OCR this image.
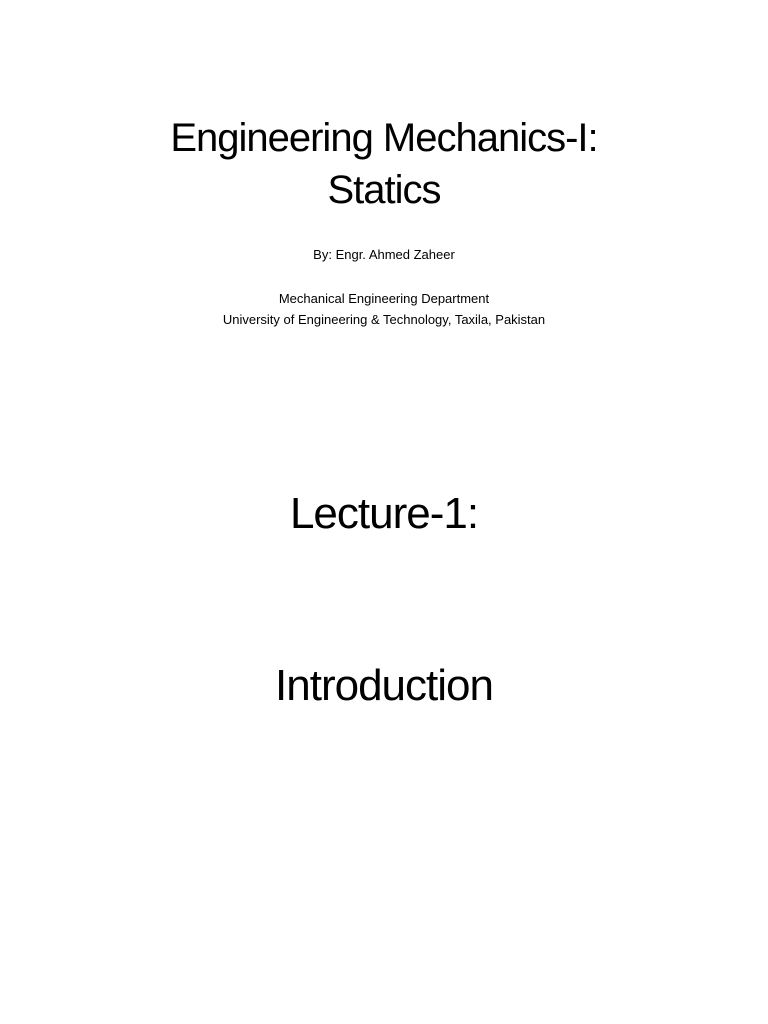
Engineering Mechanics-I:
Statics
By: Engr. Ahmed Zaheer
Mechanical Engineering Department
University of Engineering & Technology, Taxila, Pakistan
Lecture-1:
Introduction
